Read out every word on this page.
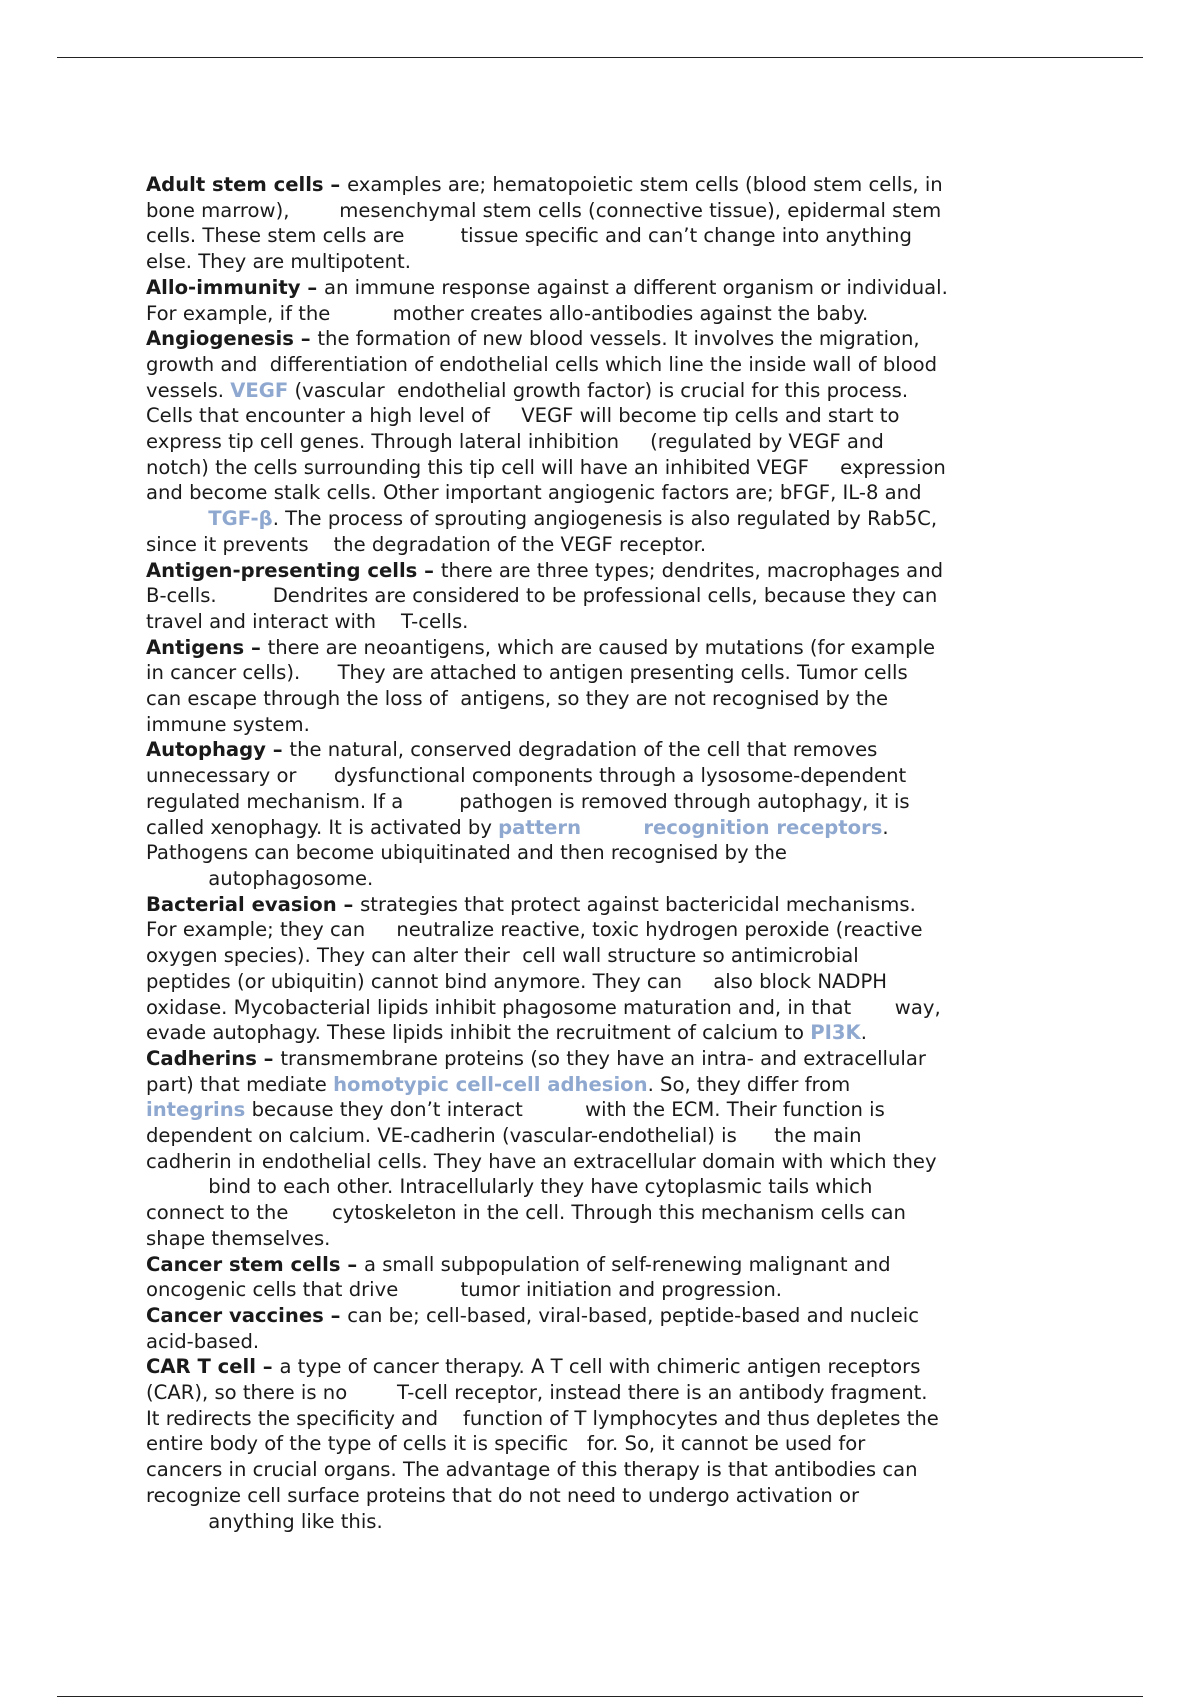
Adult stem cells – examples are; hematopoietic stem cells (blood stem cells, in
bone marrow),        mesenchymal stem cells (connective tissue), epidermal stem
cells. These stem cells are         tissue specific and can’t change into anything
else. They are multipotent.

Allo-immunity – an immune response against a different organism or individual.
For example, if the          mother creates allo-antibodies against the baby.

Angiogenesis – the formation of new blood vessels. It involves the migration,
growth and  differentiation of endothelial cells which line the inside wall of blood
vessels. VEGF (vascular  endothelial growth factor) is crucial for this process.
Cells that encounter a high level of     VEGF will become tip cells and start to
express tip cell genes. Through lateral inhibition     (regulated by VEGF and
notch) the cells surrounding this tip cell will have an inhibited VEGF     expression
and become stalk cells. Other important angiogenic factors are; bFGF, IL-8 and
TGF-β. The process of sprouting angiogenesis is also regulated by Rab5C,
since it prevents    the degradation of the VEGF receptor.

Antigen-presenting cells – there are three types; dendrites, macrophages and
B-cells.         Dendrites are considered to be professional cells, because they can
travel and interact with    T-cells.

Antigens – there are neoantigens, which are caused by mutations (for example
in cancer cells).      They are attached to antigen presenting cells. Tumor cells
can escape through the loss of  antigens, so they are not recognised by the
immune system.

Autophagy – the natural, conserved degradation of the cell that removes
unnecessary or      dysfunctional components through a lysosome-dependent
regulated mechanism. If a         pathogen is removed through autophagy, it is
called xenophagy. It is activated by pattern	recognition receptors.
Pathogens can become ubiquitinated and then recognised by the
autophagosome.

Bacterial evasion – strategies that protect against bactericidal mechanisms.
For example; they can     neutralize reactive, toxic hydrogen peroxide (reactive
oxygen species). They can alter their  cell wall structure so antimicrobial
peptides (or ubiquitin) cannot bind anymore. They can     also block NADPH
oxidase. Mycobacterial lipids inhibit phagosome maturation and, in that       way,
evade autophagy. These lipids inhibit the recruitment of calcium to PI3K.

Cadherins – transmembrane proteins (so they have an intra- and extracellular
part) that mediate homotypic cell-cell adhesion. So, they differ from
integrins because they don’t interact          with the ECM. Their function is
dependent on calcium. VE-cadherin (vascular-endothelial) is      the main
cadherin in endothelial cells. They have an extracellular domain with which they
bind to each other. Intracellularly they have cytoplasmic tails which
connect to the       cytoskeleton in the cell. Through this mechanism cells can
shape themselves.

Cancer stem cells – a small subpopulation of self-renewing malignant and
oncogenic cells that drive          tumor initiation and progression.

Cancer vaccines – can be; cell-based, viral-based, peptide-based and nucleic
acid-based.

CAR T cell – a type of cancer therapy. A T cell with chimeric antigen receptors
(CAR), so there is no        T-cell receptor, instead there is an antibody fragment.
It redirects the specificity and    function of T lymphocytes and thus depletes the
entire body of the type of cells it is specific   for. So, it cannot be used for
cancers in crucial organs. The advantage of this therapy is that antibodies can
recognize cell surface proteins that do not need to undergo activation or
anything like this.
